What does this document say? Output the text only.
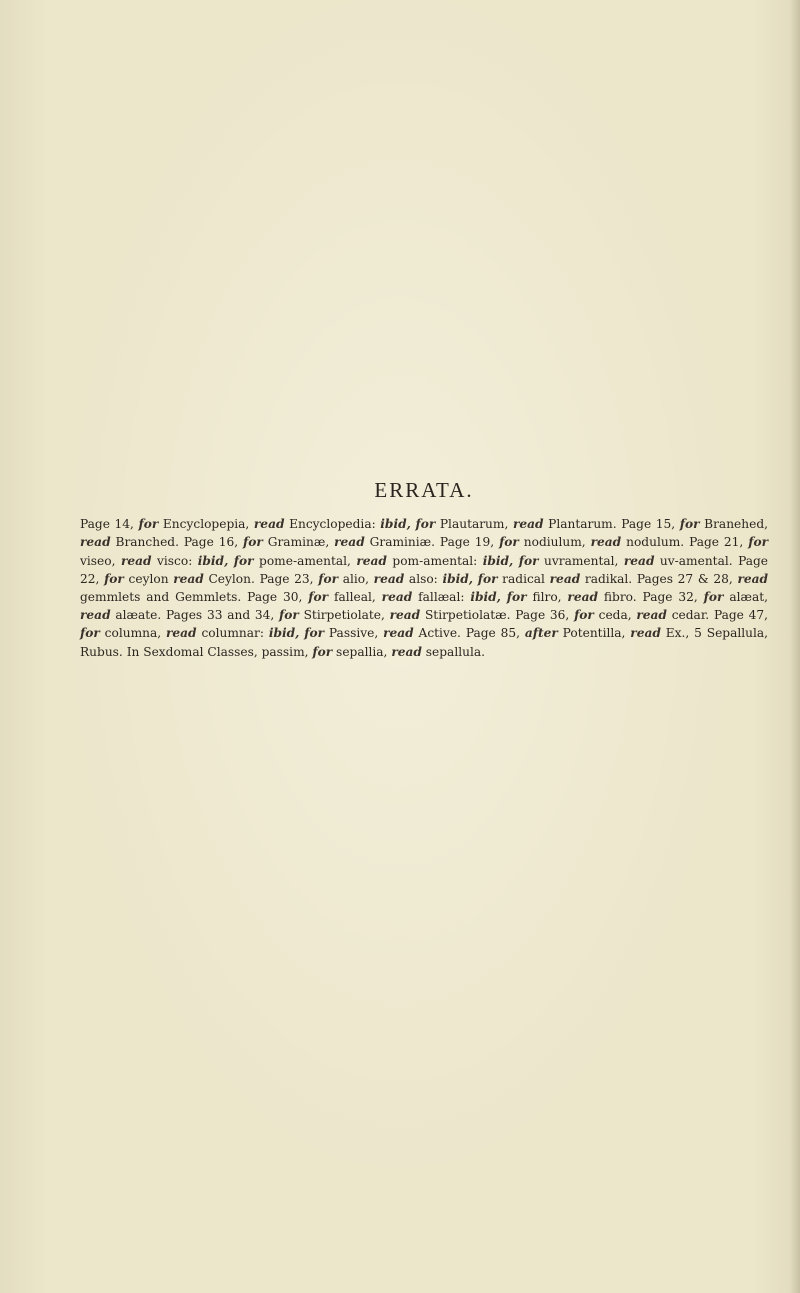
ERRATA.

Page 14, for Encyclopepia, read Encyclopedia: ibid, for Plautarum, read Plantarum. Page 15, for Branehed, read Branched. Page 16, for Graminæ, read Graminiæ. Page 19, for nodiulum, read nodulum. Page 21, for viseo, read visco: ibid, for pome-amental, read pom-amental: ibid, for uvramental, read uv-amental. Page 22, for ceylon read Ceylon. Page 23, for alio, read also: ibid, for radical read radikal. Pages 27 & 28, read gemmlets and Gemmlets. Page 30, for falleal, read fallæal: ibid, for filro, read fibro. Page 32, for alæat, read alæate. Pages 33 and 34, for Stirpetiolate, read Stirpetiolatæ. Page 36, for ceda, read cedar. Page 47, for columna, read columnar: ibid, for Passive, read Active. Page 85, after Potentilla, read Ex., 5 Sepallula, Rubus. In Sexdomal Classes, passim, for sepallia, read sepallula.
